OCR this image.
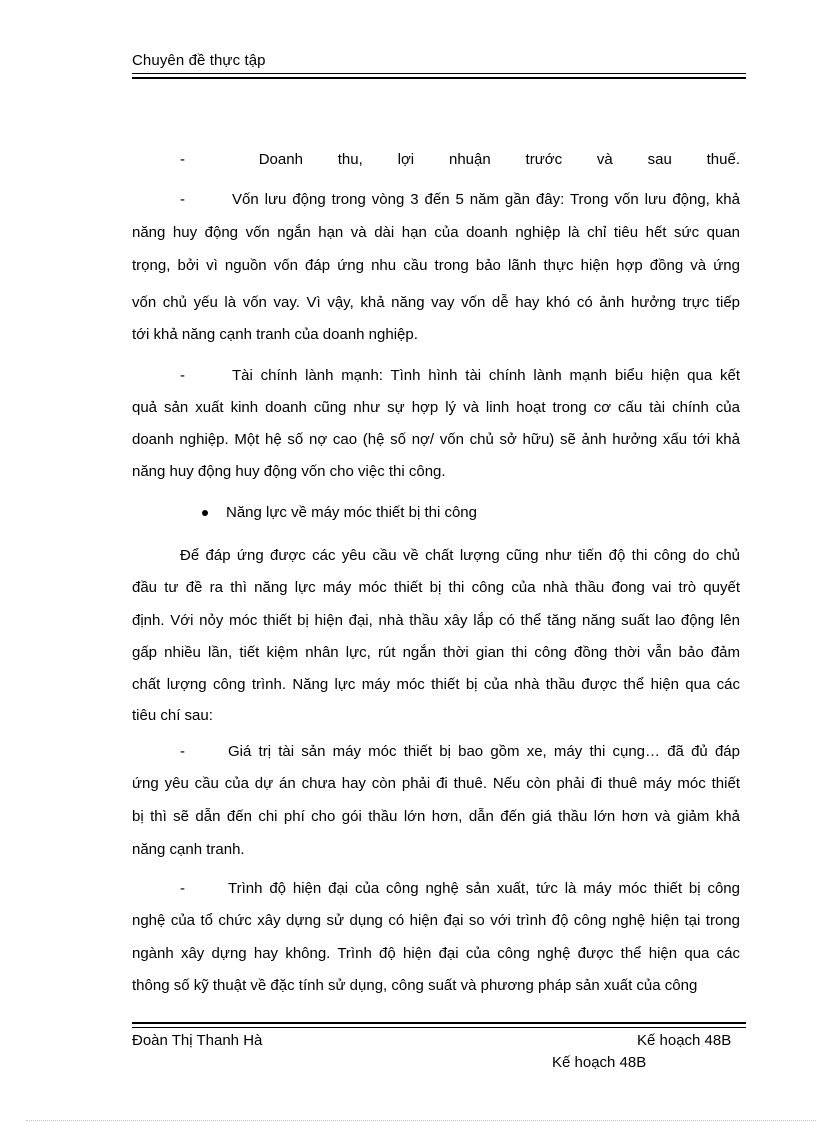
Chuyên đề thực tập
-	Doanh thu, lợi nhuận trước và sau thuế.
-	Vốn lưu động trong vòng 3 đến 5 năm gần đây: Trong vốn lưu động, khả
năng huy động vốn ngắn hạn và dài hạn của doanh nghiệp là chỉ tiêu hết sức quan
trọng, bởi vì nguồn vốn đáp ứng nhu cầu trong bảo lãnh thực hiện hợp đồng và ứng
vốn chủ yếu là vốn vay. Vì vậy, khả năng vay vốn dễ hay khó có ảnh hưởng trực tiếp
tới khả năng cạnh tranh của doanh nghiệp.
-	Tài chính lành mạnh: Tình hình tài chính lành mạnh biểu hiện qua kết
quả sản xuất kinh doanh cũng như sự hợp lý và linh hoạt trong cơ cấu tài chính của
doanh nghiệp. Một hệ số nợ cao (hệ số nợ/ vốn chủ sở hữu) sẽ ảnh hưởng xấu tới khả
năng huy động huy động vốn cho việc thi công.
Năng lực về máy móc thiết bị thi công
Để đáp ứng được các yêu cầu về chất lượng cũng như tiến độ thi công do chủ
đầu tư đề ra thì năng lực máy móc thiết bị thi công của nhà thầu đong vai trò quyết
định. Với nỏy móc thiết bị hiện đại, nhà thầu xây lắp có thể tăng năng suất lao động lên
gấp nhiều lần, tiết kiệm nhân lực, rút ngắn thời gian thi công đồng thời vẫn bảo đảm
chất lượng công trình. Năng lực máy móc thiết bị của nhà thầu được thể hiện qua các
tiêu chí sau:
-	Giá trị tài sản máy móc thiết bị bao gồm xe, máy thi cụng… đã đủ đáp
ứng yêu cầu của dự án chưa hay còn phải đi thuê. Nếu còn phải đi thuê máy móc thiết
bị thì sẽ dẫn đến chi phí cho gói thầu lớn hơn, dẫn đến giá thầu lớn hơn và giảm khả
năng cạnh tranh.
-	Trình độ hiện đại của công nghệ sản xuất, tức là máy móc thiết bị công
nghệ của tổ chức xây dựng sử dụng có hiện đại so với trình độ công nghệ hiện tại trong
ngành xây dựng hay không. Trình độ hiện đại của công nghệ được thể hiện qua các
thông số kỹ thuật về đặc tính sử dụng, công suất và phương pháp sản xuất của công
Đoàn Thị Thanh Hà	Kế hoạch 48B
Kế hoạch 48B
